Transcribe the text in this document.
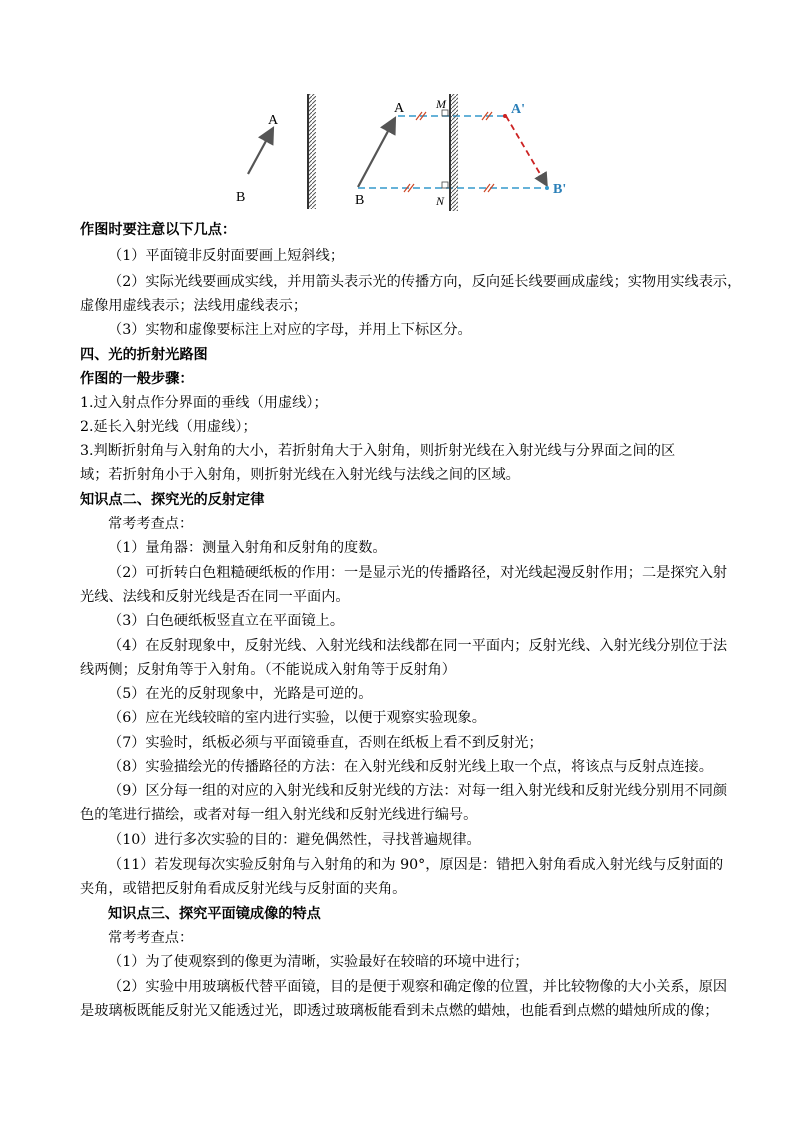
A
B
A
B
M
N
A'
B'
作图时要注意以下几点：
（1）平面镜非反射面要画上短斜线；
（2）实际光线要画成实线，并用箭头表示光的传播方向，反向延长线要画成虚线；实物用实线表示，
虚像用虚线表示；法线用虚线表示；
（3）实物和虚像要标注上对应的字母，并用上下标区分。
四、光的折射光路图
作图的一般步骤：
1.过入射点作分界面的垂线（用虚线）；
2.延长入射光线（用虚线）；
3.判断折射角与入射角的大小，若折射角大于入射角，则折射光线在入射光线与分界面之间的区
域；若折射角小于入射角，则折射光线在入射光线与法线之间的区域。
知识点二、探究光的反射定律
常考考查点：
（1）量角器：测量入射角和反射角的度数。
（2）可折转白色粗糙硬纸板的作用：一是显示光的传播路径，对光线起漫反射作用；二是探究入射
光线、法线和反射光线是否在同一平面内。
（3）白色硬纸板竖直立在平面镜上。
（4）在反射现象中，反射光线、入射光线和法线都在同一平面内；反射光线、入射光线分别位于法
线两侧；反射角等于入射角。（不能说成入射角等于反射角）
（5）在光的反射现象中，光路是可逆的。
（6）应在光线较暗的室内进行实验，以便于观察实验现象。
（7）实验时，纸板必须与平面镜垂直，否则在纸板上看不到反射光；
（8）实验描绘光的传播路径的方法：在入射光线和反射光线上取一个点，将该点与反射点连接。
（9）区分每一组的对应的入射光线和反射光线的方法：对每一组入射光线和反射光线分别用不同颜
色的笔进行描绘，或者对每一组入射光线和反射光线进行编号。
（10）进行多次实验的目的：避免偶然性，寻找普遍规律。
（11）若发现每次实验反射角与入射角的和为 90°，原因是：错把入射角看成入射光线与反射面的
夹角，或错把反射角看成反射光线与反射面的夹角。
知识点三、探究平面镜成像的特点
常考考查点：
（1）为了使观察到的像更为清晰，实验最好在较暗的环境中进行；
（2）实验中用玻璃板代替平面镜，目的是便于观察和确定像的位置，并比较物像的大小关系，原因
是玻璃板既能反射光又能透过光，即透过玻璃板能看到未点燃的蜡烛，也能看到点燃的蜡烛所成的像；
